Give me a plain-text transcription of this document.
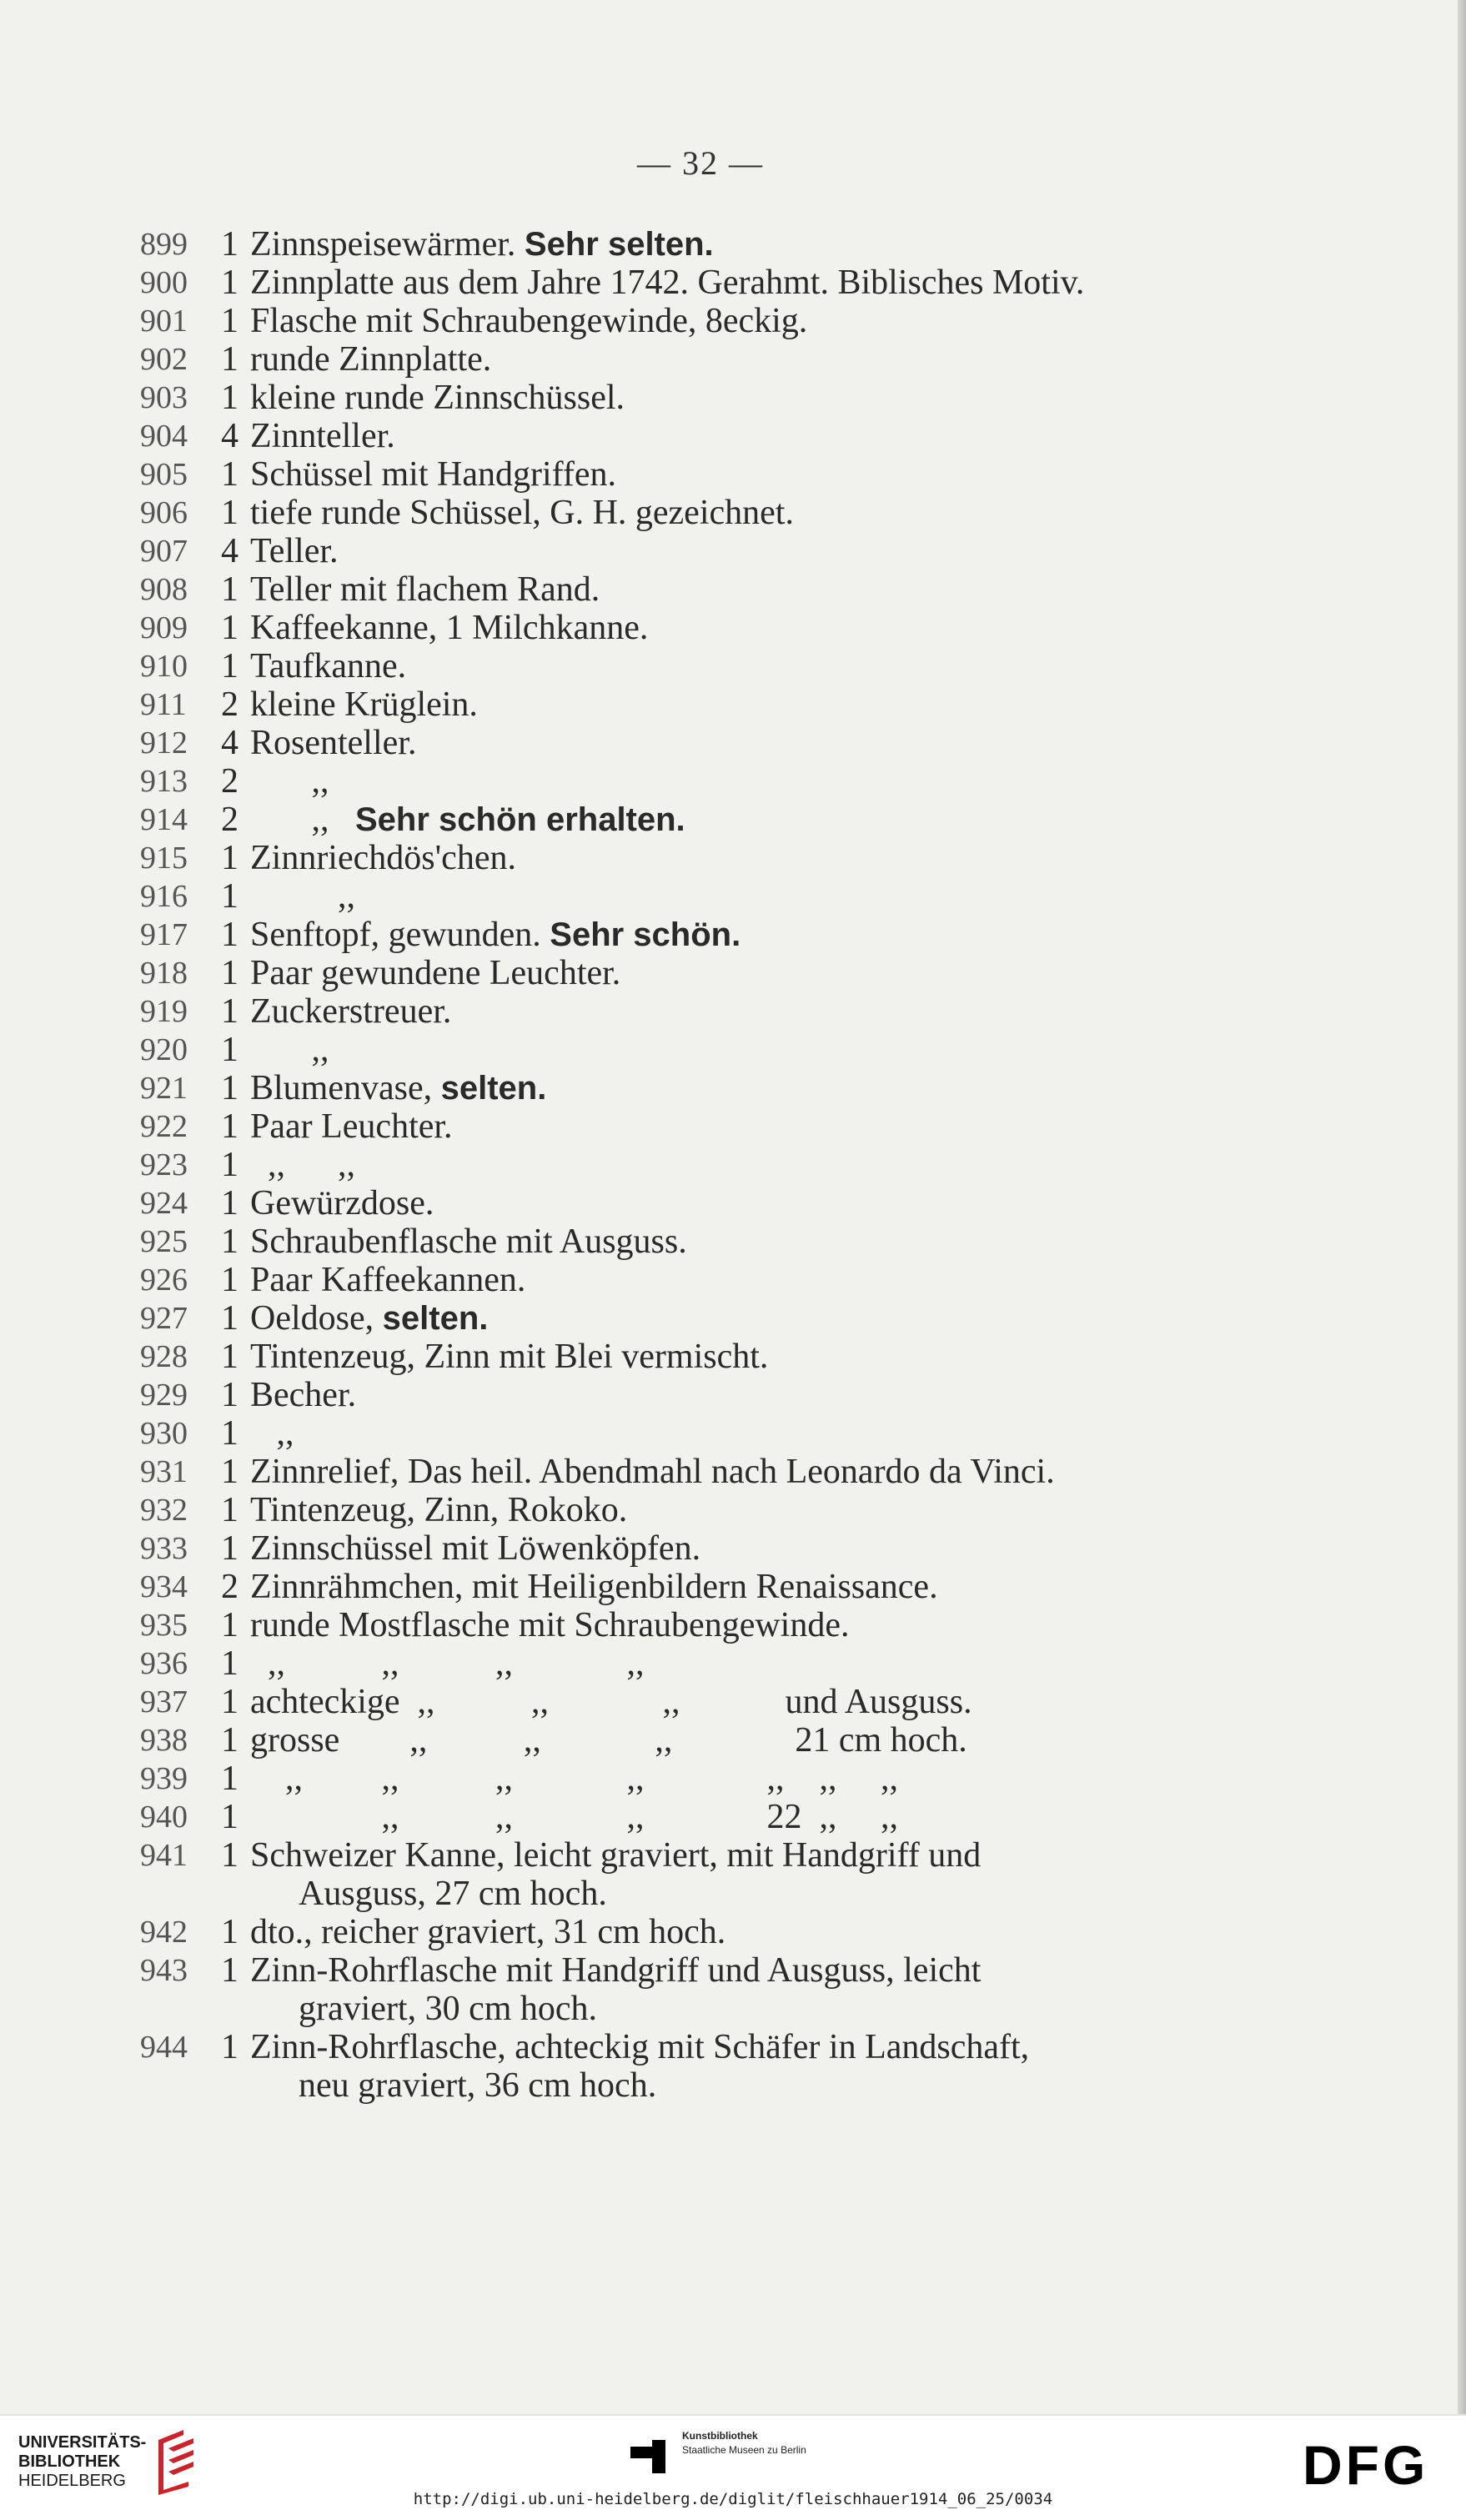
— 32 —
899 1 Zinnspeisewärmer. Sehr selten.
900 1 Zinnplatte aus dem Jahre 1742. Gerahmt. Biblisches Motiv.
901 1 Flasche mit Schraubengewinde, 8eckig.
902 1 runde Zinnplatte.
903 1 kleine runde Zinnschüssel.
904 4 Zinnteller.
905 1 Schüssel mit Handgriffen.
906 1 tiefe runde Schüssel, G. H. gezeichnet.
907 4 Teller.
908 1 Teller mit flachem Rand.
909 1 Kaffeekanne, 1 Milchkanne.
910 1 Taufkanne.
911 2 kleine Krüglein.
912 4 Rosenteller.
913 2 ,,
914 2 ,,   Sehr schön erhalten.
915 1 Zinnriechdös'chen.
916 1 ,,
917 1 Senftopf, gewunden. Sehr schön.
918 1 Paar gewundene Leuchter.
919 1 Zuckerstreuer.
920 1 ,,
921 1 Blumenvase, selten.
922 1 Paar Leuchter.
923 1 ,,      ,,
924 1 Gewürzdose.
925 1 Schraubenflasche mit Ausguss.
926 1 Paar Kaffeekannen.
927 1 Oeldose, selten.
928 1 Tintenzeug, Zinn mit Blei vermischt.
929 1 Becher.
930 1 ,,
931 1 Zinnrelief, Das heil. Abendmahl nach Leonardo da Vinci.
932 1 Tintenzeug, Zinn, Rokoko.
933 1 Zinnschüssel mit Löwenköpfen.
934 2 Zinnrähmchen, mit Heiligenbildern Renaissance.
935 1 runde Mostflasche mit Schraubengewinde.
936 1 ,,           ,,           ,,             ,,
937 1 achteckige  ,,           ,,             ,,            und Ausguss.
938 1 grosse        ,,           ,,             ,,              21 cm hoch.
939 1 ,,         ,,           ,,             ,,              ,,    ,,     ,,
940 1 ,,           ,,             ,,              22  ,,     ,,
941 1 Schweizer Kanne, leicht graviert, mit Handgriff und
Ausguss, 27 cm hoch.
942 1 dto., reicher graviert, 31 cm hoch.
943 1 Zinn-Rohrflasche mit Handgriff und Ausguss, leicht
graviert, 30 cm hoch.
944 1 Zinn-Rohrflasche, achteckig mit Schäfer in Landschaft,
neu graviert, 36 cm hoch.
UNIVERSITÄTS-
BIBLIOTHEK
HEIDELBERG
Kunstbibliothek
Staatliche Museen zu Berlin	DFG
http://digi.ub.uni-heidelberg.de/diglit/fleischhauer1914_06_25/0034
